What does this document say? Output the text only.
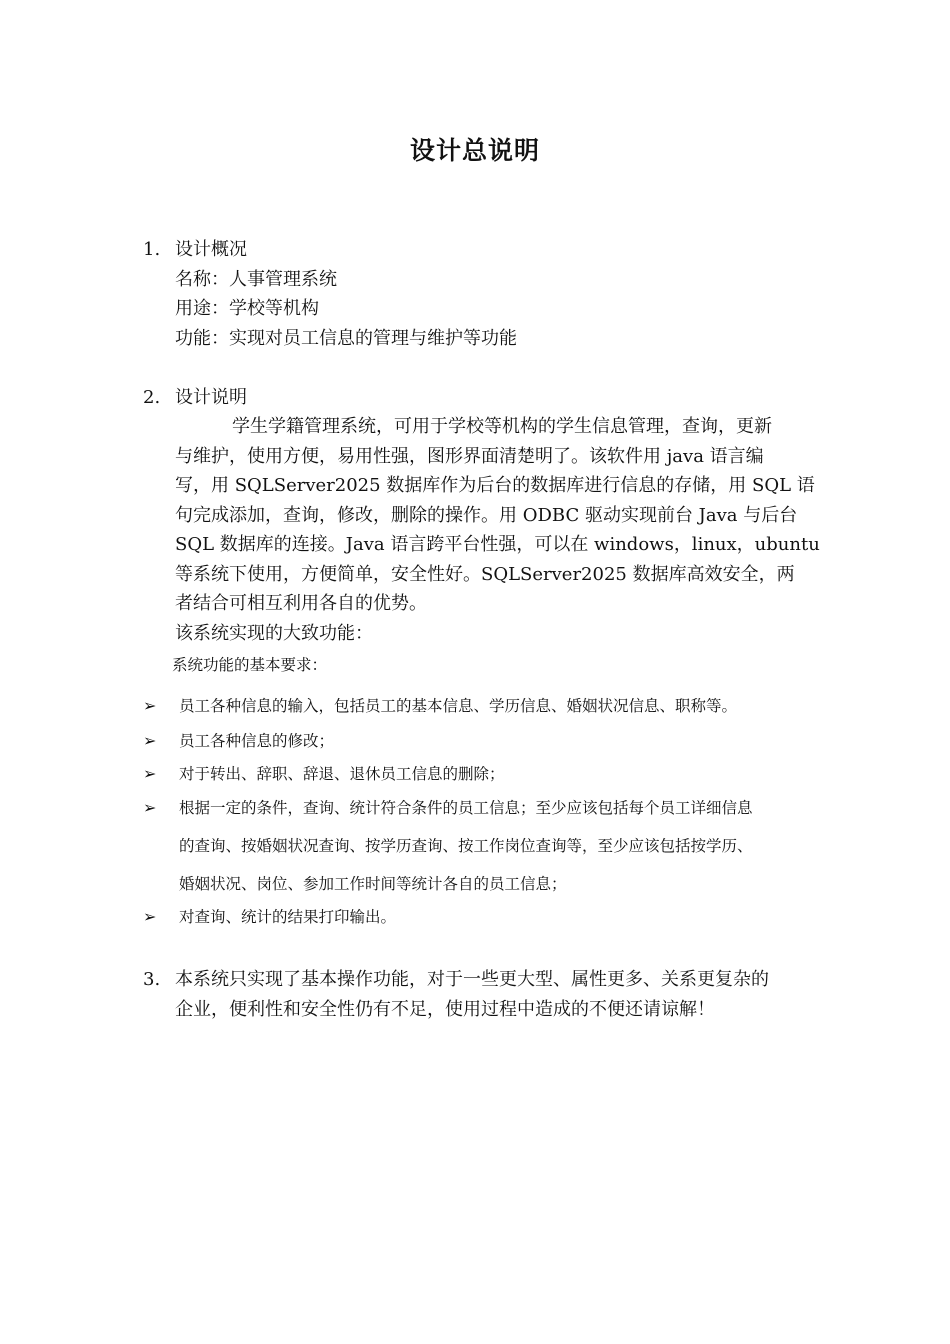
设计总说明
1. 设计概况
名称：人事管理系统
用途：学校等机构
功能：实现对员工信息的管理与维护等功能
2. 设计说明
学生学籍管理系统，可用于学校等机构的学生信息管理，查询，更新
与维护，使用方便，易用性强，图形界面清楚明了。该软件用 java 语言编
写，用 SQLServer2025 数据库作为后台的数据库进行信息的存储，用 SQL 语
句完成添加，查询，修改，删除的操作。用 ODBC 驱动实现前台 Java 与后台
SQL 数据库的连接。Java 语言跨平台性强，可以在 windows，linux，ubuntu
等系统下使用，方便简单，安全性好。SQLServer2025 数据库高效安全，两
者结合可相互利用各自的优势。
该系统实现的大致功能：
系统功能的基本要求：
➢ 员工各种信息的输入，包括员工的基本信息、学历信息、婚姻状况信息、职称等。
➢ 员工各种信息的修改；
➢ 对于转出、辞职、辞退、退休员工信息的删除；
➢ 根据一定的条件，查询、统计符合条件的员工信息；至少应该包括每个员工详细信息
的查询、按婚姻状况查询、按学历查询、按工作岗位查询等，至少应该包括按学历、
婚姻状况、岗位、参加工作时间等统计各自的员工信息；
➢ 对查询、统计的结果打印输出。
3. 本系统只实现了基本操作功能，对于一些更大型、属性更多、关系更复杂的
企业，便利性和安全性仍有不足，使用过程中造成的不便还请谅解！
